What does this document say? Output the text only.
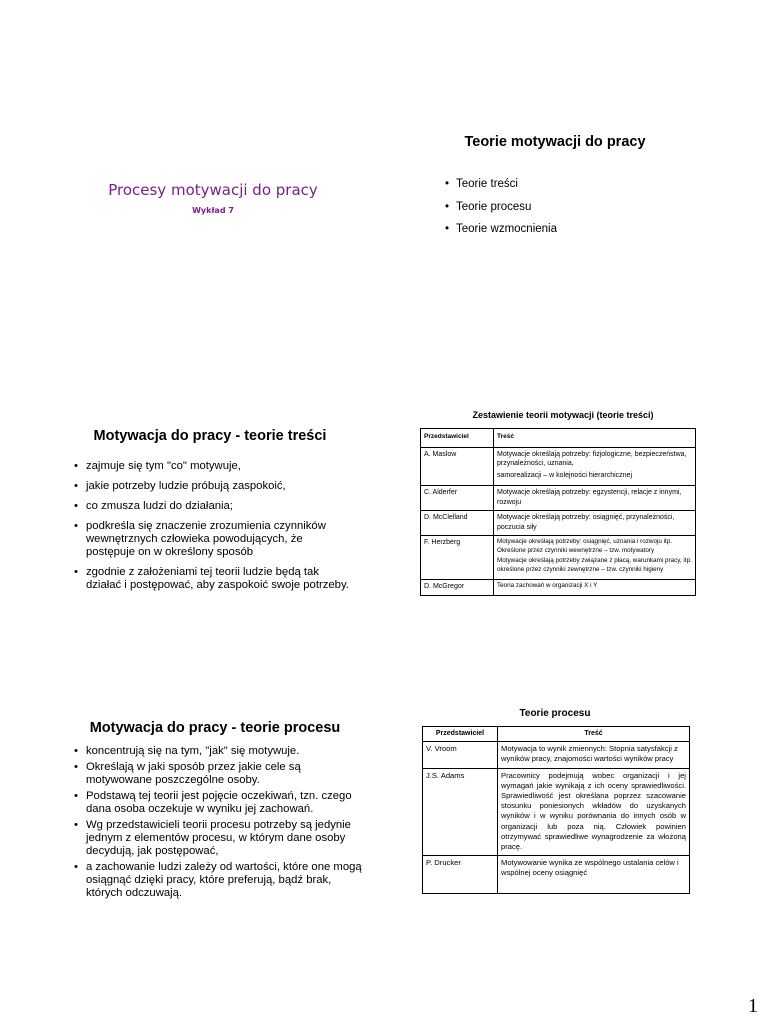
Procesy motywacji do pracy
Wykład 7
Teorie motywacji do pracy
• Teorie treści
• Teorie procesu
• Teorie wzmocnienia
Motywacja do pracy - teorie treści
• zajmuje się tym "co" motywuje,
• jakie potrzeby ludzie próbują zaspokoić,
• co zmusza ludzi do działania;
• podkreśla się znaczenie zrozumienia czynników wewnętrznych człowieka powodujących, że postępuje on w określony sposób
• zgodnie z założeniami tej teorii ludzie będą tak działać i postępować, aby zaspokoić swoje potrzeby.
Zestawienie teorii motywacji (teorie treści)
Przedstawiciel	Treść
A. Maslow	Motywacje określają potrzeby: fizjologiczne, bezpieczeństwa, przynależności, uznania,

samorealizacji – w kolejności hierarchicznej

C. Alderfer	Motywacje określają potrzeby: egzystencji, relacje z innymi, rozwoju
D. McClelland	Motywacje określają potrzeby: osiągnięć, przynależności, poczucia siły
F. Herzberg	Motywacje określają potrzeby: osiągnięć, uznania i rozwoju itp. Określone przez czynniki wewnętrzne – tzw. motywatory

Motywacje określają potrzeby związane z płacą, warunkami pracy, itp. określone przez czynniki zewnętrzne – tzw. czynniki higieny

D. McGregor	Teoria zachowań w organizacji X i Y
Motywacja do pracy - teorie procesu
• koncentrują się na tym, "jak" się motywuje.
• Określają w jaki sposób przez jakie cele są motywowane poszczególne osoby.
• Podstawą tej teorii jest pojęcie oczekiwań, tzn. czego dana osoba oczekuje w wyniku jej zachowań.
• Wg przedstawicieli teorii procesu potrzeby są jedynie jednym z elementów procesu, w którym dane osoby decydują, jak postępować,
• a zachowanie ludzi zależy od wartości, które one mogą osiągnąć dzięki pracy, które preferują, bądź brak, których odczuwają.
Teorie procesu
Przedstawiciel	Treść
V. Vroom	Motywacja to wynik zmiennych: Stopnia satysfakcji z wyników pracy, znajomości wartości wyników pracy
J.S. Adams	Pracownicy podejmują wobec organizacji i jej wymagań jakie wynikają z ich oceny sprawiedliwości. Sprawiedliwość jest określana poprzez szacowanie stosunku poniesionych wkładów do uzyskanych wyników i w wyniku porównania do innych osób w organizacji lub poza nią. Człowiek powinien otrzymywać sprawiedliwe wynagrodzenie za włożoną pracę.
P. Drucker	Motywowanie wynika ze wspólnego ustalania celów i wspólnej oceny osiągnięć
1
